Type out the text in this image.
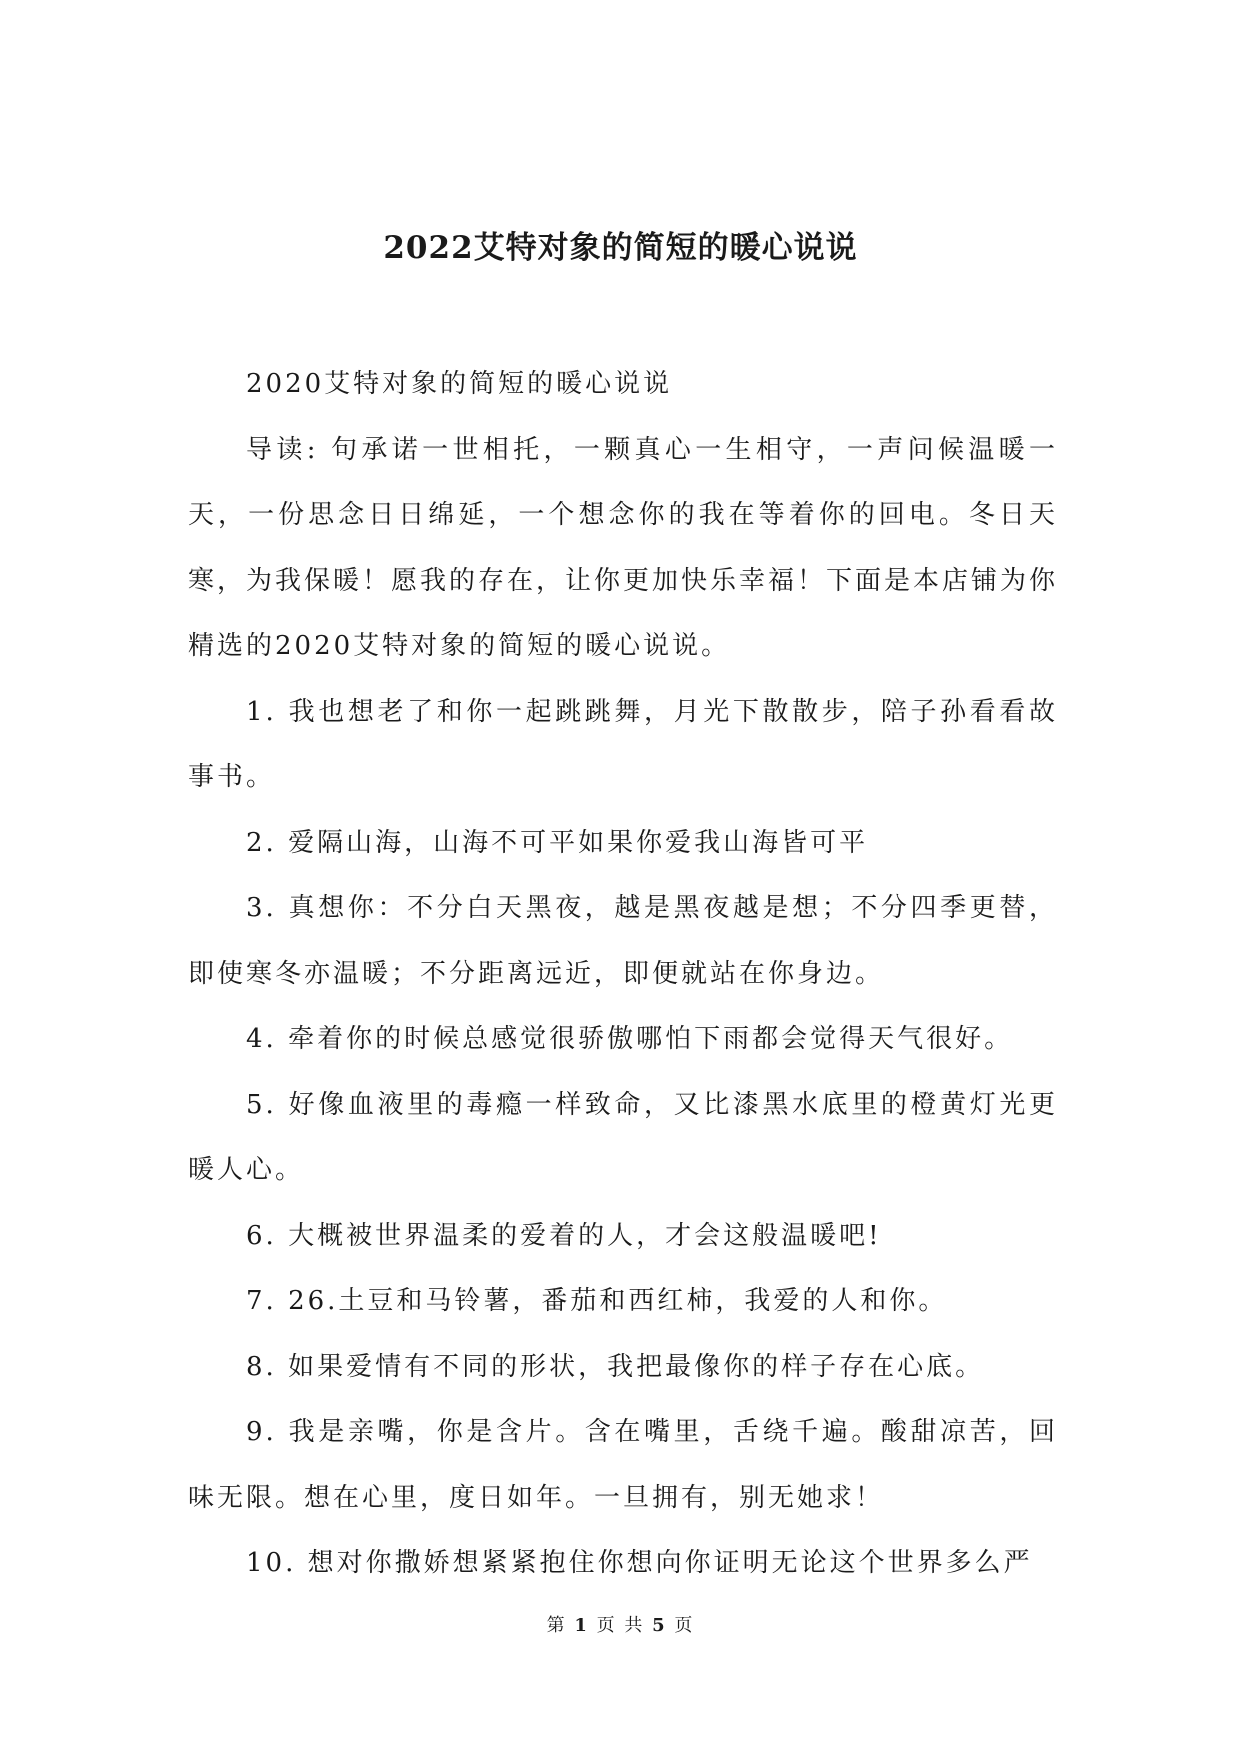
2022艾特对象的简短的暖心说说

2020艾特对象的简短的暖心说说

导读: 句承诺一世相托，一颗真心一生相守，一声问候温暖一天，一份思念日日绵延，一个想念你的我在等着你的回电。冬日天寒，为我保暖！愿我的存在，让你更加快乐幸福！下面是本店铺为你精选的2020艾特对象的简短的暖心说说。

1. 我也想老了和你一起跳跳舞，月光下散散步，陪子孙看看故事书。

2. 爱隔山海，山海不可平如果你爱我山海皆可平

3. 真想你：不分白天黑夜，越是黑夜越是想；不分四季更替，即使寒冬亦温暖；不分距离远近，即便就站在你身边。

4. 牵着你的时候总感觉很骄傲哪怕下雨都会觉得天气很好。

5. 好像血液里的毒瘾一样致命，又比漆黑水底里的橙黄灯光更暖人心。

6. 大概被世界温柔的爱着的人，才会这般温暖吧!

7. 26.土豆和马铃薯，番茄和西红柿，我爱的人和你。

8. 如果爱情有不同的形状，我把最像你的样子存在心底。

9. 我是亲嘴，你是含片。含在嘴里，舌绕千遍。酸甜凉苦，回味无限。想在心里，度日如年。一旦拥有，别无她求！

10. 想对你撒娇想紧紧抱住你想向你证明无论这个世界多么严

第 1 页 共 5 页
